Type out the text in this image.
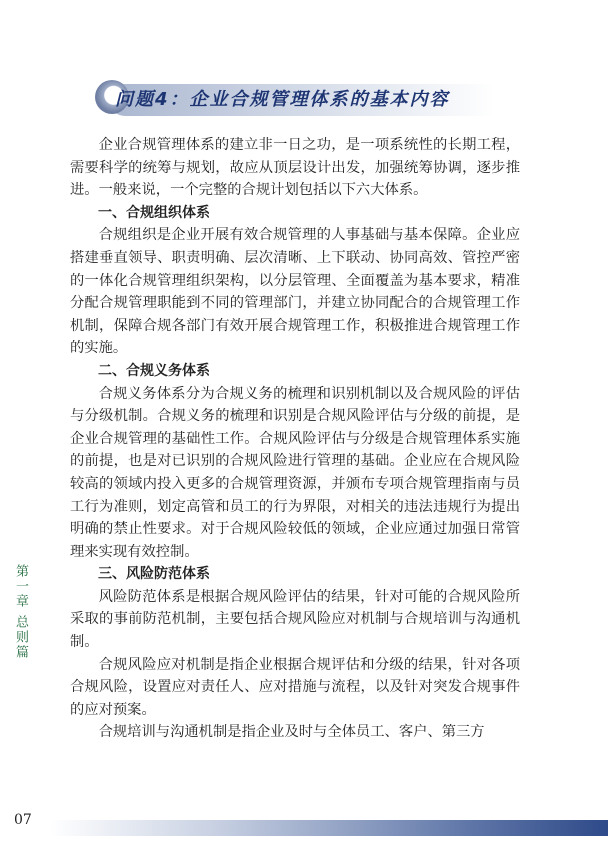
问题4：企业合规管理体系的基本内容

企业合规管理体系的建立非一日之功，是一项系统性的长期工程，需要科学的统筹与规划，故应从顶层设计出发，加强统筹协调，逐步推进。一般来说，一个完整的合规计划包括以下六大体系。

一、合规组织体系

合规组织是企业开展有效合规管理的人事基础与基本保障。企业应搭建垂直领导、职责明确、层次清晰、上下联动、协同高效、管控严密的一体化合规管理组织架构，以分层管理、全面覆盖为基本要求，精准分配合规管理职能到不同的管理部门，并建立协同配合的合规管理工作机制，保障合规各部门有效开展合规管理工作，积极推进合规管理工作的实施。

二、合规义务体系

合规义务体系分为合规义务的梳理和识别机制以及合规风险的评估与分级机制。合规义务的梳理和识别是合规风险评估与分级的前提，是企业合规管理的基础性工作。合规风险评估与分级是合规管理体系实施的前提，也是对已识别的合规风险进行管理的基础。企业应在合规风险较高的领域内投入更多的合规管理资源，并颁布专项合规管理指南与员工行为准则，划定高管和员工的行为界限，对相关的违法违规行为提出明确的禁止性要求。对于合规风险较低的领域，企业应通过加强日常管理来实现有效控制。

三、风险防范体系

风险防范体系是根据合规风险评估的结果，针对可能的合规风险所采取的事前防范机制，主要包括合规风险应对机制与合规培训与沟通机制。

合规风险应对机制是指企业根据合规评估和分级的结果，针对各项合规风险，设置应对责任人、应对措施与流程，以及针对突发合规事件的应对预案。

合规培训与沟通机制是指企业及时与全体员工、客户、第三方

第一章 总则篇
07
